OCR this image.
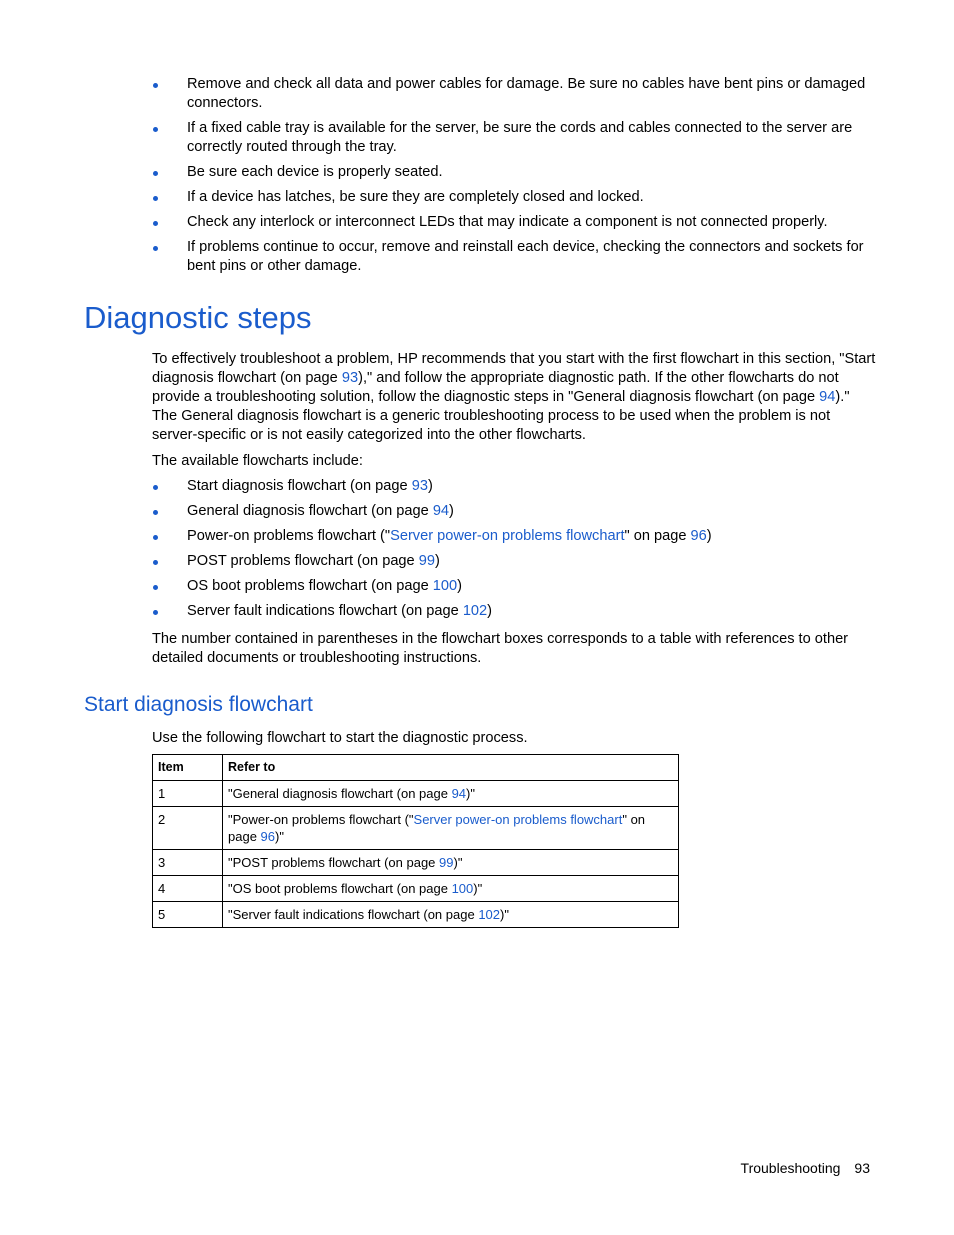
Remove and check all data and power cables for damage. Be sure no cables have bent pins or damaged connectors.
If a fixed cable tray is available for the server, be sure the cords and cables connected to the server are correctly routed through the tray.
Be sure each device is properly seated.
If a device has latches, be sure they are completely closed and locked.
Check any interlock or interconnect LEDs that may indicate a component is not connected properly.
If problems continue to occur, remove and reinstall each device, checking the connectors and sockets for bent pins or other damage.
Diagnostic steps

To effectively troubleshoot a problem, HP recommends that you start with the first flowchart in this section, "Start diagnosis flowchart (on page 93)," and follow the appropriate diagnostic path. If the other flowcharts do not provide a troubleshooting solution, follow the diagnostic steps in "General diagnosis flowchart (on page 94)." The General diagnosis flowchart is a generic troubleshooting process to be used when the problem is not server-specific or is not easily categorized into the other flowcharts.

The available flowcharts include:

Start diagnosis flowchart (on page 93)
General diagnosis flowchart (on page 94)
Power-on problems flowchart ("Server power-on problems flowchart" on page 96)
POST problems flowchart (on page 99)
OS boot problems flowchart (on page 100)
Server fault indications flowchart (on page 102)

The number contained in parentheses in the flowchart boxes corresponds to a table with references to other detailed documents or troubleshooting instructions.

Start diagnosis flowchart

Use the following flowchart to start the diagnostic process.

Item	Refer to
1	"General diagnosis flowchart (on page 94)"
2	"Power-on problems flowchart ("Server power-on problems flowchart" on page 96)"
3	"POST problems flowchart (on page 99)"
4	"OS boot problems flowchart (on page 100)"
5	"Server fault indications flowchart (on page 102)"
Troubleshooting 93
